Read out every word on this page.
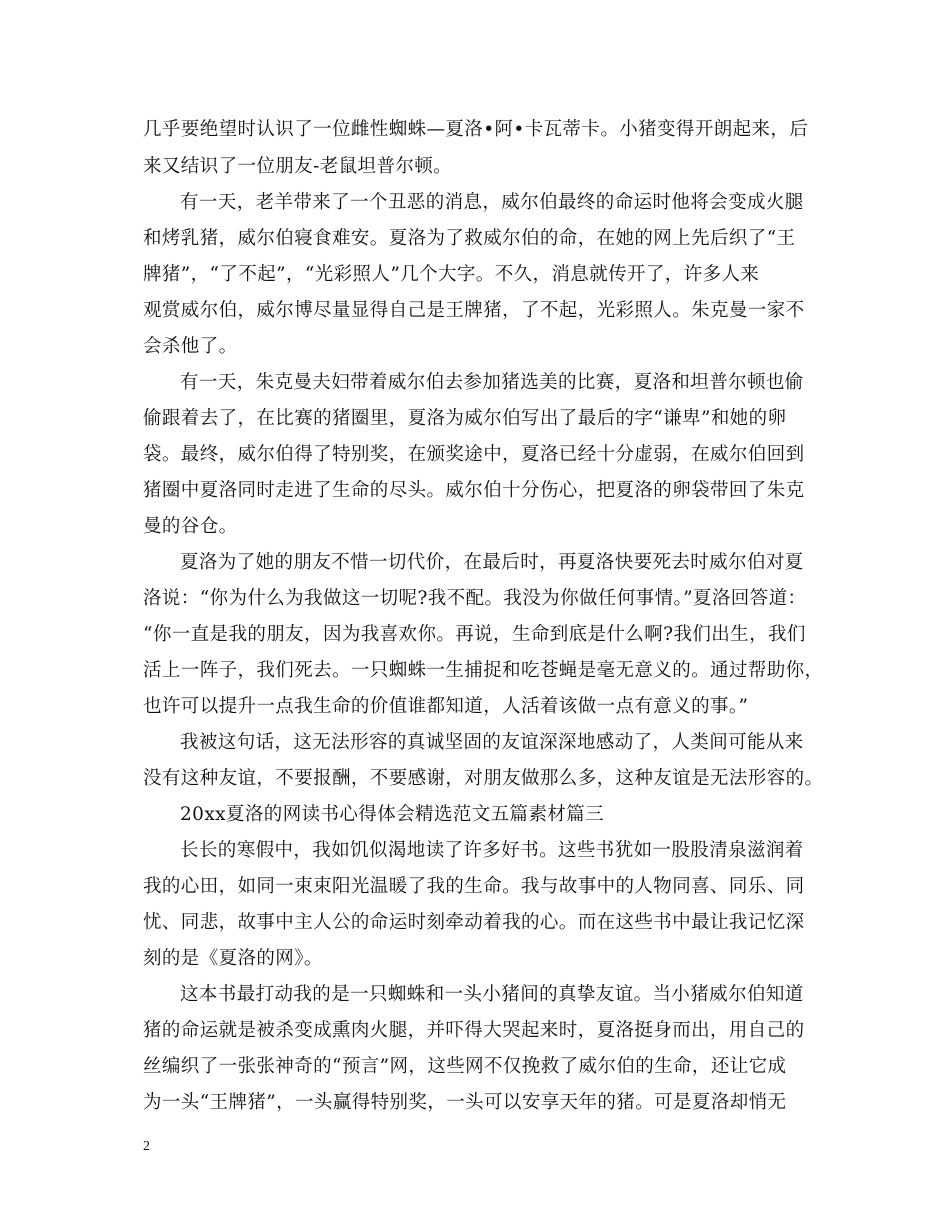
几乎要绝望时认识了一位雌性蜘蛛—夏洛•阿•卡瓦蒂卡。小猪变得开朗起来，后
来又结识了一位朋友-老鼠坦普尔顿。
有一天，老羊带来了一个丑恶的消息，威尔伯最终的命运时他将会变成火腿
和烤乳猪，威尔伯寝食难安。夏洛为了救威尔伯的命，在她的网上先后织了“王
牌猪”，“了不起”，“光彩照人”几个大字。不久，消息就传开了，许多人来
观赏威尔伯，威尔博尽量显得自己是王牌猪，了不起，光彩照人。朱克曼一家不
会杀他了。
有一天，朱克曼夫妇带着威尔伯去参加猪选美的比赛，夏洛和坦普尔顿也偷
偷跟着去了，在比赛的猪圈里，夏洛为威尔伯写出了最后的字“谦卑”和她的卵
袋。最终，威尔伯得了特别奖，在颁奖途中，夏洛已经十分虚弱，在威尔伯回到
猪圈中夏洛同时走进了生命的尽头。威尔伯十分伤心，把夏洛的卵袋带回了朱克
曼的谷仓。
夏洛为了她的朋友不惜一切代价，在最后时，再夏洛快要死去时威尔伯对夏
洛说：“你为什么为我做这一切呢?我不配。我没为你做任何事情。”夏洛回答道：
“你一直是我的朋友，因为我喜欢你。再说，生命到底是什么啊?我们出生，我们
活上一阵子，我们死去。一只蜘蛛一生捕捉和吃苍蝇是毫无意义的。通过帮助你，
也许可以提升一点我生命的价值谁都知道，人活着该做一点有意义的事。”
我被这句话，这无法形容的真诚坚固的友谊深深地感动了，人类间可能从来
没有这种友谊，不要报酬，不要感谢，对朋友做那么多，这种友谊是无法形容的。
20xx夏洛的网读书心得体会精选范文五篇素材篇三
长长的寒假中，我如饥似渴地读了许多好书。这些书犹如一股股清泉滋润着
我的心田，如同一束束阳光温暖了我的生命。我与故事中的人物同喜、同乐、同
忧、同悲，故事中主人公的命运时刻牵动着我的心。而在这些书中最让我记忆深
刻的是《夏洛的网》。
这本书最打动我的是一只蜘蛛和一头小猪间的真挚友谊。当小猪威尔伯知道
猪的命运就是被杀变成熏肉火腿，并吓得大哭起来时，夏洛挺身而出，用自己的
丝编织了一张张神奇的“预言”网，这些网不仅挽救了威尔伯的生命，还让它成
为一头“王牌猪”，一头赢得特别奖，一头可以安享天年的猪。可是夏洛却悄无
2
